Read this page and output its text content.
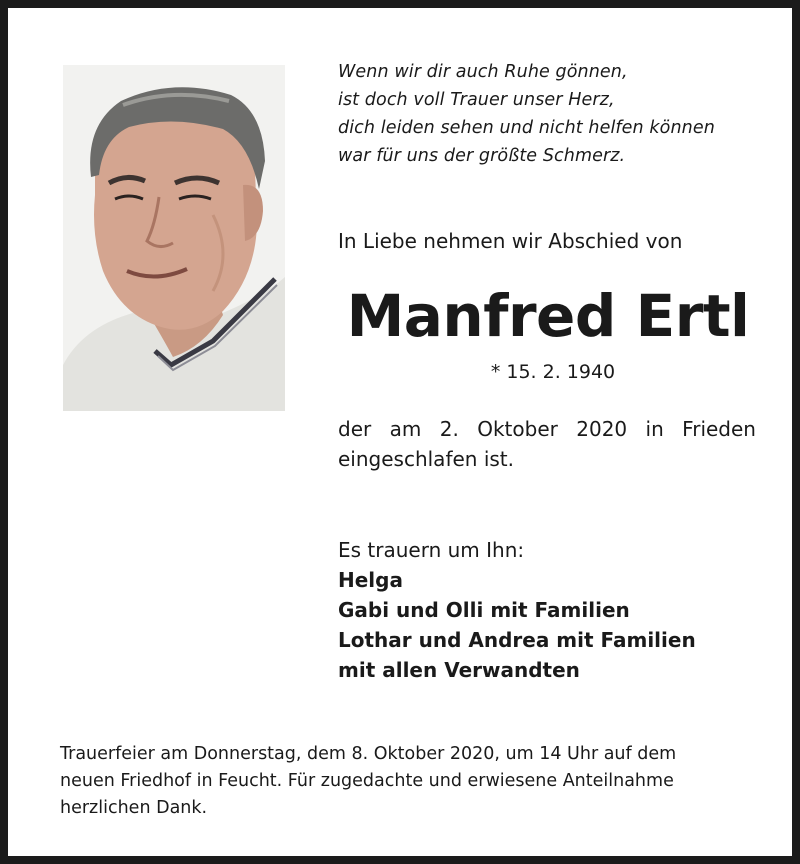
Wenn wir dir auch Ruhe gönnen,
ist doch voll Trauer unser Herz,
dich leiden sehen und nicht helfen können
war für uns der größte Schmerz.
In Liebe nehmen wir Abschied von
Manfred Ertl
* 15. 2. 1940
der am 2. Oktober 2020 in Frieden eingeschlafen ist.
Es trauern um Ihn:
Helga
Gabi und Olli mit Familien
Lothar und Andrea mit Familien
mit allen Verwandten
Trauerfeier am Donnerstag, dem 8. Oktober 2020, um 14 Uhr auf dem
neuen Friedhof in Feucht. Für zugedachte und erwiesene Anteilnahme
herzlichen Dank.
